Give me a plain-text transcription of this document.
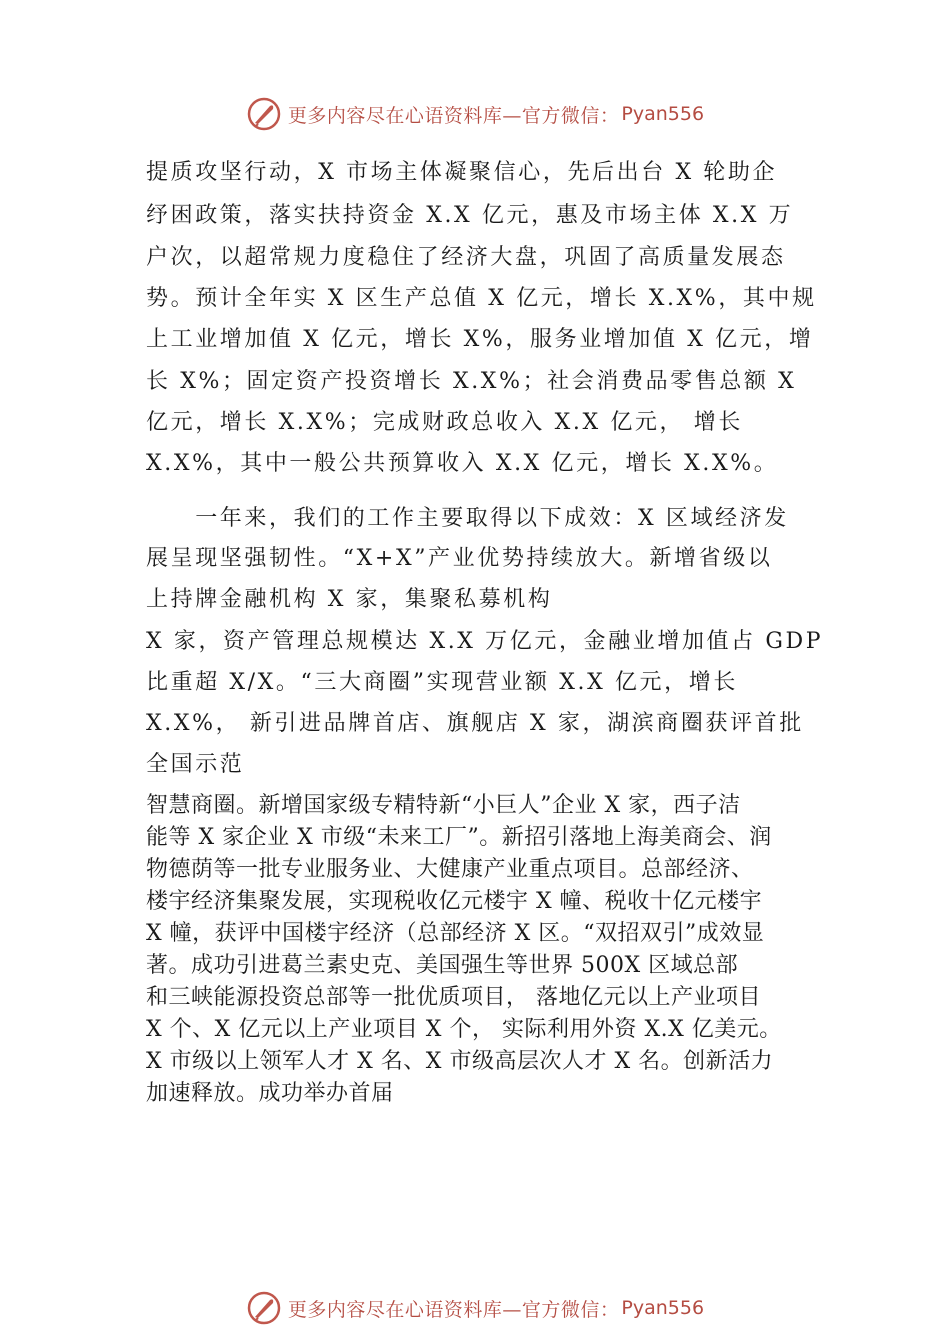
更多内容尽在心语资料库—官方微信： Pyan556
提质攻坚行动，X 市场主体凝聚信心，先后出台 X 轮助企
纾困政策，落实扶持资金 X.X 亿元，惠及市场主体 X.X 万
户次，以超常规力度稳住了经济大盘，巩固了高质量发展态
势。预计全年实 X 区生产总值 X 亿元，增长 X.X%，其中规
上工业增加值 X 亿元，增长 X%，服务业增加值 X 亿元，增
长 X%；固定资产投资增长 X.X%；社会消费品零售总额 X
亿元，增长 X.X%；完成财政总收入 X.X 亿元， 增长
X.X%，其中一般公共预算收入 X.X 亿元，增长 X.X%。
　　一年来，我们的工作主要取得以下成效：X 区域经济发
展呈现坚强韧性。“X+X”产业优势持续放大。新增省级以
上持牌金融机构 X 家，集聚私募机构
X 家，资产管理总规模达 X.X 万亿元，金融业增加值占 GDP
比重超 X/X。“三大商圈”实现营业额 X.X 亿元，增长
X.X%， 新引进品牌首店、旗舰店 X 家，湖滨商圈获评首批
全国示范
智慧商圈。新增国家级专精特新“小巨人”企业 X 家，西子洁
能等 X 家企业 X 市级“未来工厂”。新招引落地上海美商会、润
物德荫等一批专业服务业、大健康产业重点项目。总部经济、
楼宇经济集聚发展，实现税收亿元楼宇 X 幢、税收十亿元楼宇
X 幢，获评中国楼宇经济（总部经济 X 区。“双招双引”成效显
著。成功引进葛兰素史克、美国强生等世界 500X 区域总部
和三峡能源投资总部等一批优质项目， 落地亿元以上产业项目
X 个、X 亿元以上产业项目 X 个， 实际利用外资 X.X 亿美元。
X 市级以上领军人才 X 名、X 市级高层次人才 X 名。创新活力
加速释放。成功举办首届
更多内容尽在心语资料库—官方微信： Pyan556
